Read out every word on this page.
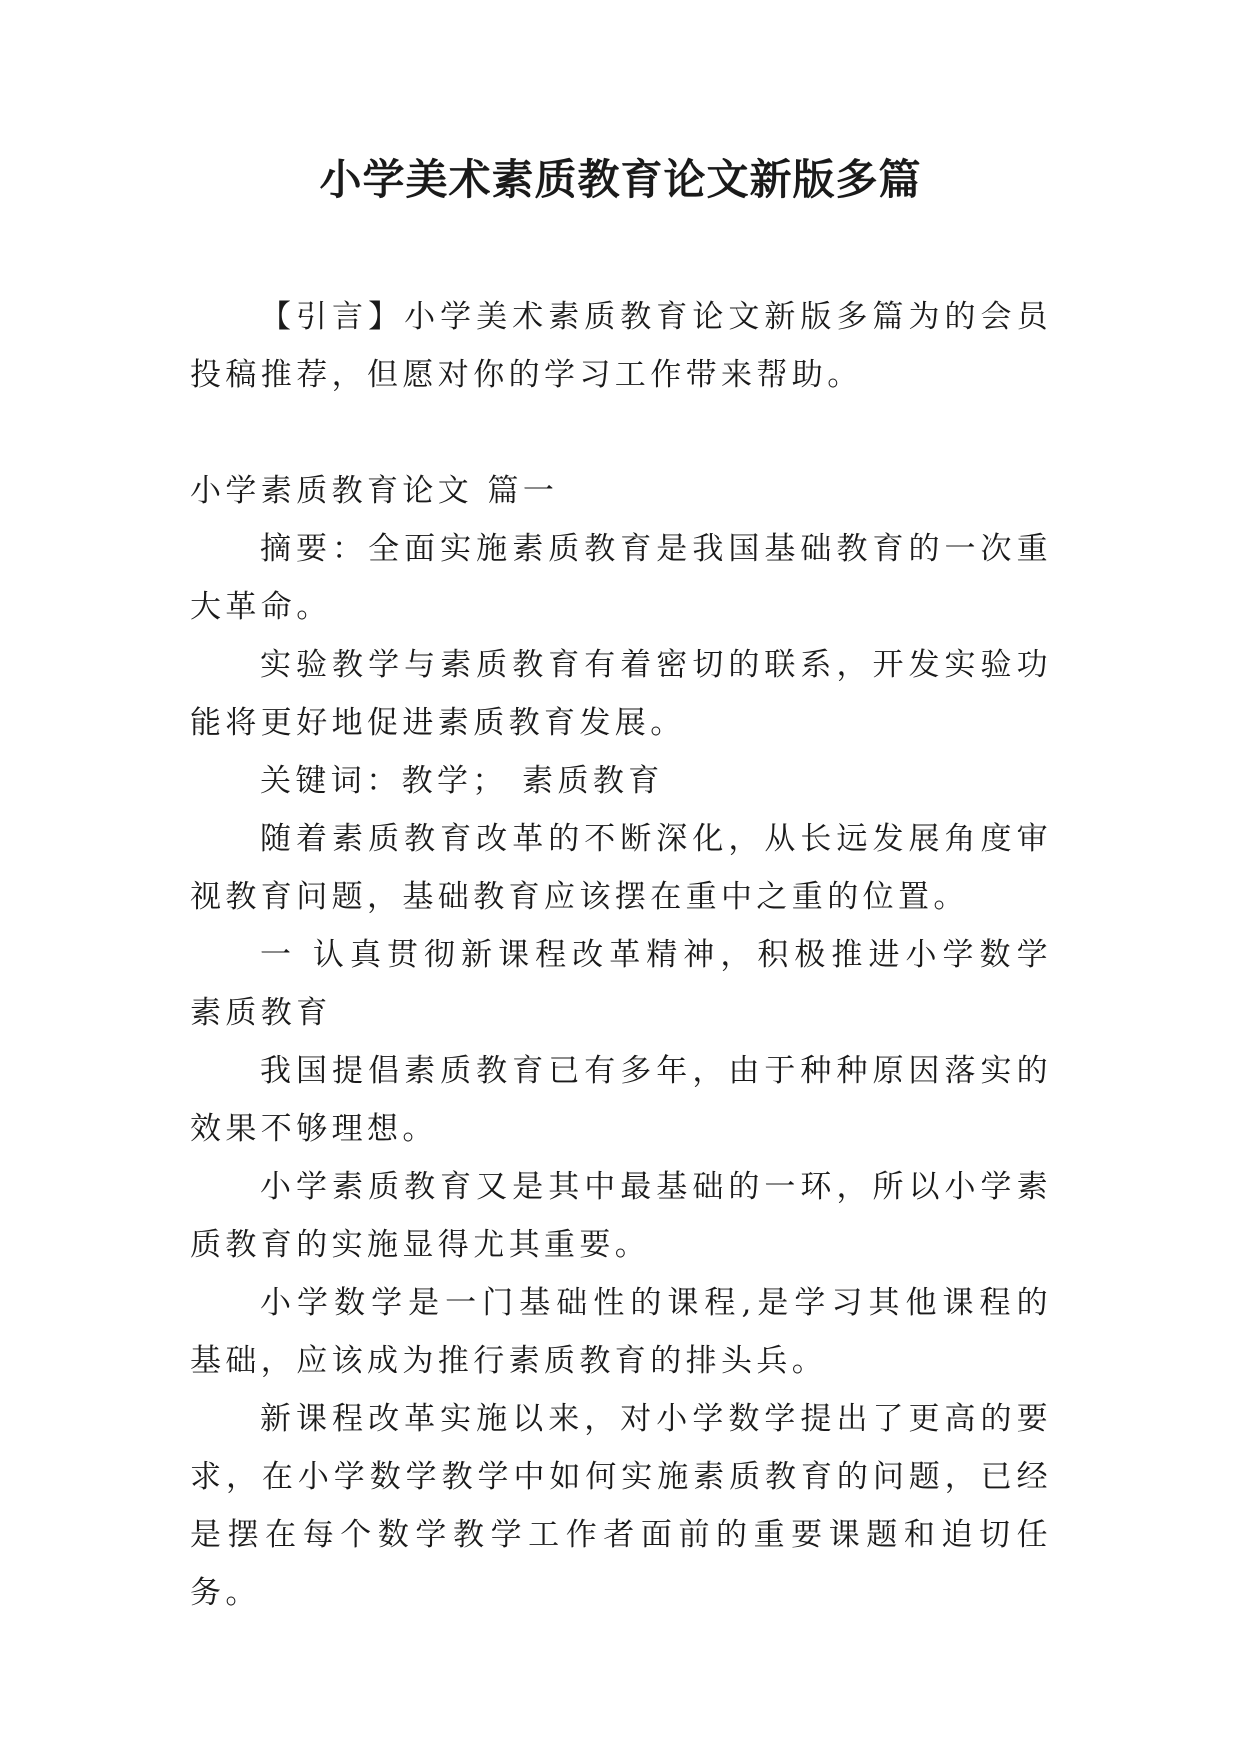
小学美术素质教育论文新版多篇

【引言】小学美术素质教育论文新版多篇为的会员投稿推荐，但愿对你的学习工作带来帮助。

小学素质教育论文 篇一

摘要：全面实施素质教育是我国基础教育的一次重大革命。

实验教学与素质教育有着密切的联系，开发实验功能将更好地促进素质教育发展。

关键词：教学； 素质教育

随着素质教育改革的不断深化，从长远发展角度审视教育问题，基础教育应该摆在重中之重的位置。

一 认真贯彻新课程改革精神，积极推进小学数学素质教育

我国提倡素质教育已有多年，由于种种原因落实的效果不够理想。

小学素质教育又是其中最基础的一环，所以小学素质教育的实施显得尤其重要。

小学数学是一门基础性的课程,是学习其他课程的基础，应该成为推行素质教育的排头兵。

新课程改革实施以来，对小学数学提出了更高的要求，在小学数学教学中如何实施素质教育的问题，已经是摆在每个数学教学工作者面前的重要课题和迫切任务。
